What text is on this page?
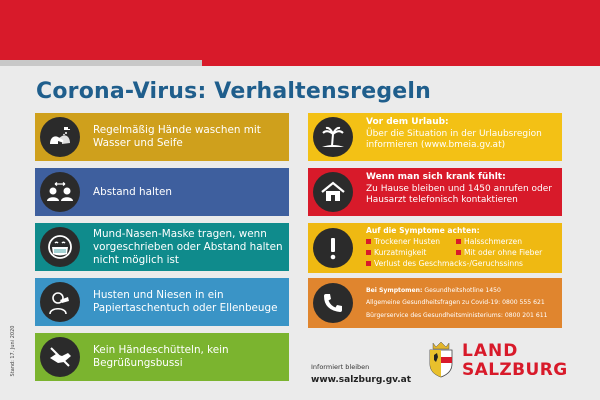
Corona-Virus: Verhaltensregeln
Stand: 17. Juni 2020
Regelmäßig Hände waschen mit Wasser und Seife
Abstand halten
Mund-Nasen-Maske tragen, wenn vorgeschrieben oder Abstand halten nicht möglich ist
Husten und Niesen in ein Papiertaschentuch oder Ellenbeuge
Kein Händeschütteln, kein Begrüßungsbussi
Vor dem Urlaub:
Über die Situation in der Urlaubsregion informieren (www.bmeia.gv.at)
Wenn man sich krank fühlt:
Zu Hause bleiben und 1450 anrufen oder Hausarzt telefonisch kontaktieren
Auf die Symptome achten:
Trockener Husten	Halsschmerzen
Kurzatmigkeit	Mit oder ohne Fieber
Verlust des Geschmacks-/Geruchssinns
Bei Symptomen: Gesundheitshotline 1450
Allgemeine Gesundheitsfragen zu Covid-19: 0800 555 621
Bürgerservice des Gesundheitsministeriums: 0800 201 611
Informiert bleiben
www.salzburg.gv.at
LAND
SALZBURG
